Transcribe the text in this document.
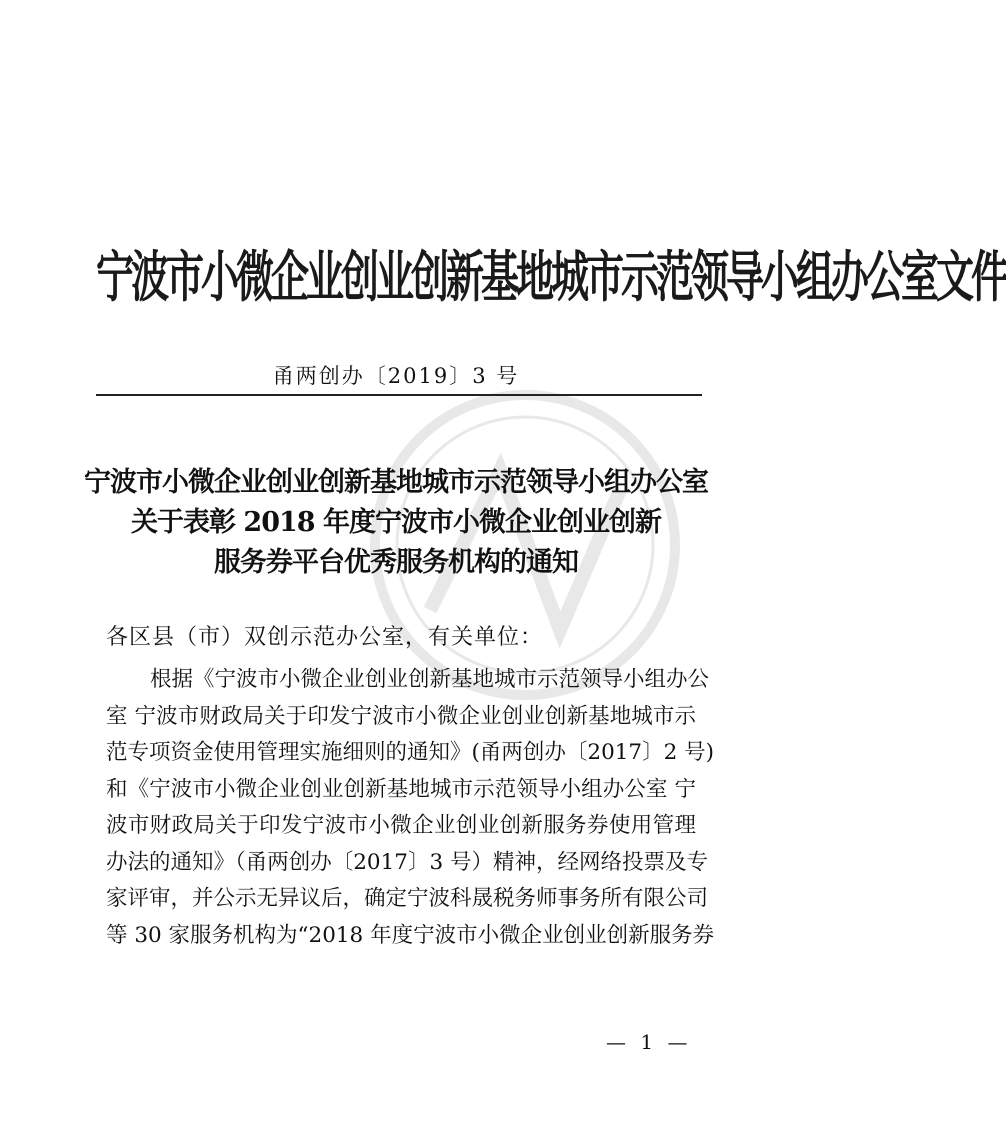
宁波市小微企业创业创新基地城市示范领导小组办公室文件
甬两创办〔2019〕3 号
宁波市小微企业创业创新基地城市示范领导小组办公室
关于表彰 2018 年度宁波市小微企业创业创新
服务券平台优秀服务机构的通知
各区县（市）双创示范办公室，有关单位：
根据《宁波市小微企业创业创新基地城市示范领导小组办公
室 宁波市财政局关于印发宁波市小微企业创业创新基地城市示
范专项资金使用管理实施细则的通知》(甬两创办〔2017〕2 号)
和《宁波市小微企业创业创新基地城市示范领导小组办公室 宁
波市财政局关于印发宁波市小微企业创业创新服务券使用管理
办法的通知》（甬两创办〔2017〕3 号）精神，经网络投票及专
家评审，并公示无异议后，确定宁波科晟税务师事务所有限公司
等 30 家服务机构为“2018 年度宁波市小微企业创业创新服务券
— 1 —
